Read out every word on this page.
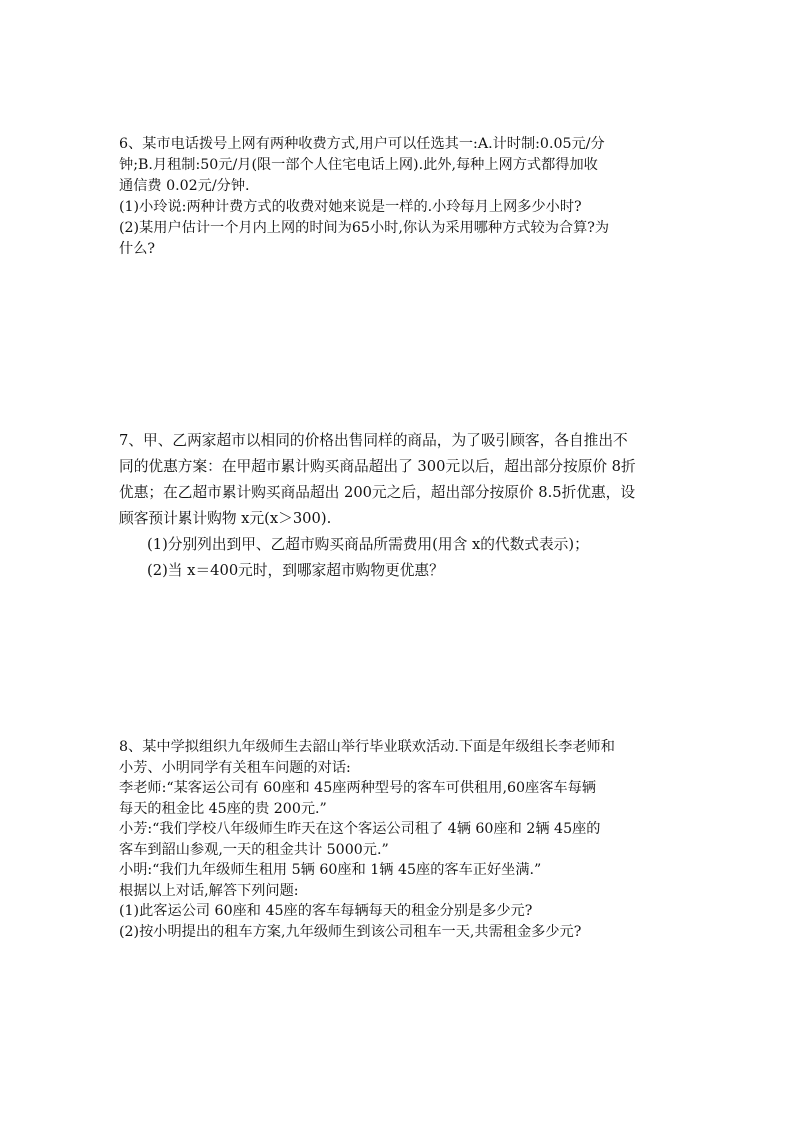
6、某市电话拨号上网有两种收费方式,用户可以任选其一:A.计时制:0.05元/分
钟;B.月租制:50元/月(限一部个人住宅电话上网).此外,每种上网方式都得加收
通信费 0.02元/分钟.
(1)小玲说:两种计费方式的收费对她来说是一样的.小玲每月上网多少小时?
(2)某用户估计一个月内上网的时间为65小时,你认为采用哪种方式较为合算?为
什么?
7、甲、乙两家超市以相同的价格出售同样的商品，为了吸引顾客，各自推出不
同的优惠方案：在甲超市累计购买商品超出了 300元以后，超出部分按原价 8折
优惠；在乙超市累计购买商品超出 200元之后，超出部分按原价 8.5折优惠，设
顾客预计累计购物 x元(x＞300).
(1)分别列出到甲、乙超市购买商品所需费用(用含 x的代数式表示)；
(2)当 x＝400元时，到哪家超市购物更优惠？
8、某中学拟组织九年级师生去韶山举行毕业联欢活动.下面是年级组长李老师和
小芳、小明同学有关租车问题的对话:
李老师:“某客运公司有 60座和 45座两种型号的客车可供租用,60座客车每辆
每天的租金比 45座的贵 200元.”
小芳:“我们学校八年级师生昨天在这个客运公司租了 4辆 60座和 2辆 45座的
客车到韶山参观,一天的租金共计 5000元.”
小明:“我们九年级师生租用 5辆 60座和 1辆 45座的客车正好坐满.”
根据以上对话,解答下列问题:
(1)此客运公司 60座和 45座的客车每辆每天的租金分别是多少元?
(2)按小明提出的租车方案,九年级师生到该公司租车一天,共需租金多少元?
